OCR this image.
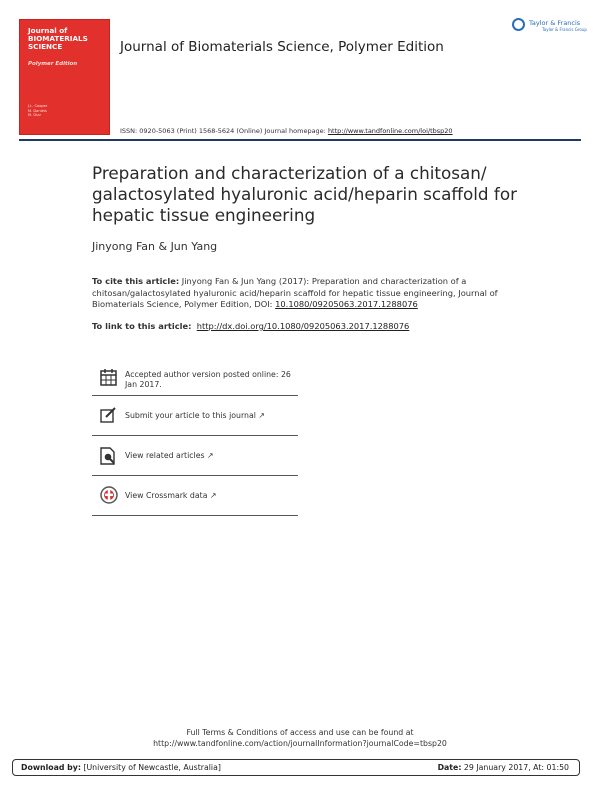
Journal of
BIOMATERIALS
SCIENCE
Polymer Edition
J.L. Cooper
M. Daniels
M. Dizz
Journal of Biomaterials Science, Polymer Edition
Taylor & Francis
Taylor & Francis Group
ISSN: 0920-5063 (Print) 1568-5624 (Online) Journal homepage: http://www.tandfonline.com/loi/tbsp20
Preparation and characterization of a chitosan/ galactosylated hyaluronic acid/heparin scaffold for hepatic tissue engineering
Jinyong Fan & Jun Yang
To cite this article: Jinyong Fan & Jun Yang (2017): Preparation and characterization of a chitosan/galactosylated hyaluronic acid/heparin scaffold for hepatic tissue engineering, Journal of Biomaterials Science, Polymer Edition, DOI: 10.1080/09205063.2017.1288076
To link to this article: http://dx.doi.org/10.1080/09205063.2017.1288076
Accepted author version posted online: 26 Jan 2017.
Submit your article to this journal ↗
View related articles ↗
View Crossmark data ↗
Full Terms & Conditions of access and use can be found at
http://www.tandfonline.com/action/journalInformation?journalCode=tbsp20
Download by: [University of Newcastle, Australia]	Date: 29 January 2017, At: 01:50
